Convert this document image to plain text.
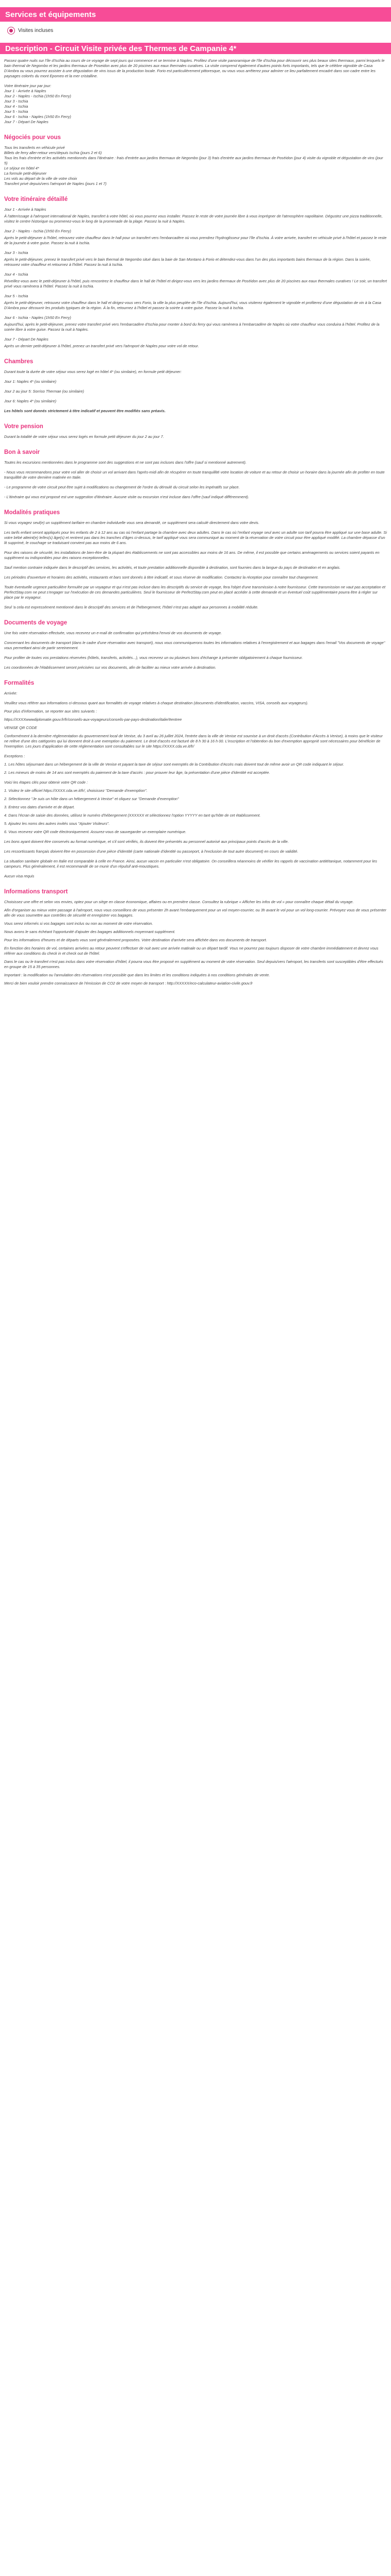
Services et équipements
Visites incluses
Description - Circuit Visite privée des Thermes de Campanie 4*

Passez quatre nuits sur l'île d'Ischia au cours de ce voyage de sept jours qui commence et se termine à Naples. Profitez d'une visite panoramique de l'île d'Ischia pour découvrir ses plus beaux sites thermaux, parmi lesquels le bain thermal de Negombo et les jardins thermaux de Poseidon avec plus de 20 piscines aux eaux thermales curatives. La visite comprend également d'autres points forts importants, tels que le célèbre vignoble de Casa D'Ambra ou vous pourrez assister à une dégustation de vins issus de la production locale. Forio est particulièrement pittoresque, ou vous vous arrêterez pour admirer ce lieu parfaitement encadré dans son cadre entre les paysages colorés du mont Epomeo et la mer cristalline.

Votre itinéraire jour par jour:
Jour 1 - Arrivée à Naples
Jour 2 - Naples - Ischia (1h50 En Ferry)
Jour 3 - Ischia
Jour 4 - Ischia
Jour 5 - Ischia
Jour 6 - Ischia - Naples (1h50 En Ferry)
Jour 7 - Départ De Naples
Négociés pour vous
Tous les transferts en véhicule privé
Billets de ferry aller-retour vers/depuis Ischia (jours 2 et 6)
Tous les frais d'entrée et les activités mentionnés dans l'itinéraire : frais d'entrée aux jardins thermaux de Negombo (jour 3) frais d'entrée aux jardins thermaux de Poséidon (jour 4) visite du vignoble et dégustation de vins (jour 5)
Le séjour en hôtel 4*
La formule petit-déjeuner
Les vols au départ de la ville de votre choix
Transfert privé depuis/vers l'aéroport de Naples (jours 1 et 7)
Votre itinéraire détaillé
Jour 1 - Arrivée à Naples

À l'atterrissage à l'aéroport international de Naples, transfert à votre hôtel, où vous pourrez vous installer. Passez le reste de votre journée libre à vous imprégner de l'atmosphère napolitaine. Dégustez une pizza traditionnelle, visitez le centre historique ou promenez-vous le long de la promenade de la plage. Passez la nuit à Naples.

Jour 2 - Naples - Ischia (1h50 En Ferry)

Après le petit-déjeuner à l'hôtel, retrouvez votre chauffeur dans le hall pour un transfert vers l'embarcadère où vous prendrez l'hydroglisseur pour l'île d'Ischia. À votre arrivée, transfert en véhicule privé à l'hôtel et passez le reste de la journée à votre guise. Passez la nuit à Ischia.

Jour 3 - Ischia

Après le petit-déjeuner, prenez le transfert privé vers le bain thermal de Negombo situé dans la baie de San Montano à Forio et détendez-vous dans l'un des plus importants bains thermaux de la région. Dans la soirée, retrouvez votre chauffeur et retournez à l'hôtel. Passez la nuit à Ischia.

Jour 4 - Ischia

Réveillez-vous avec le petit-déjeuner à l'hôtel, puis rencontrez le chauffeur dans le hall de l'hôtel et dirigez-vous vers les jardins thermaux de Poséidon avec plus de 20 piscines aux eaux thermales curatives ! Le soir, un transfert privé vous ramènera à l'hôtel. Passez la nuit à Ischia.

Jour 5 - Ischia

Après le petit-déjeuner, retrouvez votre chauffeur dans le hall et dirigez-vous vers Forio, la ville la plus peuplée de l'île d'Ischia. Aujourd'hui, vous visiterez également le vignoble et profiterez d'une dégustation de vin à la Casa D'Ambra pour découvrir les produits typiques de la région. À la fin, retournez à l'hôtel et passez la soirée à votre guise. Passez la nuit à Ischia.

Jour 6 - Ischia - Naples (1h50 En Ferry)

Aujourd'hui, après le petit-déjeuner, prenez votre transfert privé vers l'embarcadère d'Ischia pour monter à bord du ferry qui vous ramènera à l'embarcadère de Naples où votre chauffeur vous conduira à l'hôtel. Profitez de la soirée libre à votre guise. Passez la nuit à Naples.

Jour 7 - Départ De Naples

Après un dernier petit-déjeuner à l'hôtel, prenez un transfert privé vers l'aéroport de Naples pour votre vol de retour.

Chambres

Durant toute la durée de votre séjour vous serez logé en hôtel 4* (ou similaire), en formule petit déjeuner:

Jour 1: Naples 4* (ou similaire)

Jour 2 au jour 5: Sorriso Thermae (ou similaire)

Jour 6: Naples 4* (ou similaire)

Les hôtels sont donnés strictement à titre indicatif et peuvent être modifiés sans préavis.

Votre pension

Durant la totalité de votre séjour vous serez logés en formule petit déjeuner du jour 2 au jour 7.

Bon à savoir

Toutes les excursions mentionnées dans le programme sont des suggestions et ne sont pas incluses dans l'offre (sauf si mentionné autrement).

- Nous vous recommandons pour votre vol aller de choisir un vol arrivant dans l'après-midi afin de récupérer en toute tranquillité votre location de voiture et au retour de choisir un horaire dans la journée afin de profiter en toute tranquillité de votre dernière matinée en Italie.

- Le programme de votre circuit peut être sujet à modifications ou changement de l'ordre du déroulé du circuit selon les impératifs sur place.

- L'itinéraire qui vous est proposé est une suggestion d'itinéraire. Aucune visite ou excursion n'est incluse dans l'offre (sauf indiqué différemment).

Modalités pratiques

Si vous voyagez seul(e) un supplément tarifaire en chambre individuelle vous sera demandé, ce supplément sera calculé directement dans votre devis.

Les tarifs enfant seront appliqués pour les enfants de 2 à 12 ans au cas où l'enfant partage la chambre avec deux adultes. Dans le cas où l'enfant voyage seul avec un adulte son tarif pourra être appliqué sur une base adulte. Si votre bébé atteint(e) le/les(s) âge(s) et rentrent pas dans les tranches d'âges ci-dessus, le tarif appliqué vous sera communiqué au moment de la réservation de votre circuit pour être appliqué modifié. La chambre dépasse d'un lit supprimé, le couchage se traduisant convient pas aux moins de 6 ans.

Pour des raisons de sécurité, les installations de bien-être de la plupart des établissements ne sont pas accessibles aux moins de 16 ans. De même, il est possible que certains aménagements ou services soient payants en supplément ou indisponibles pour des raisons exceptionnelles.

Sauf mention contraire indiquée dans le descriptif des services, les activités, et toute prestation additionnelle disponible à destination, sont fournies dans la langue du pays de destination et en anglais.

Les périodes d'ouverture et horaires des activités, restaurants et bars sont donnés à titre indicatif, et sous réserve de modification. Contactez la réception pour connaître tout changement.

Toute éventuelle urgence particulière formulée par un voyageur et qui n'est pas incluse dans les descriptifs du service de voyage, fera l'objet d'une transmission à notre fournisseur. Cette transmission ne vaut pas acceptation et PerfectStay.com ne peut s'engager sur l'exécution de ces demandes particulières. Seul le fournisseur de PerfectStay.com peut en placé accéder à cette demande et un éventuel coût supplémentaire pourra être à régler sur place par le voyageur.

Seul 'a cela est expressément mentionné dans le descriptif des services et de l'hébergement, l'hôtel n'est pas adapté aux personnes à mobilité réduite.

Documents de voyage

Une fois votre réservation effectuée, vous recevrez un e-mail de confirmation qui précédera l'envoi de vos documents de voyage.

Concernant les documents de transport (dans le cadre d'une réservation avec transport), nous vous communiquerons toutes les informations relatives à l'enregistrement et aux bagages dans l'email "Vos documents de voyage" vous permettant ainsi de partir sereinement.

Pour profiter de toutes vos prestations réservées (hôtels, transferts, activités...), vous recevrez un ou plusieurs bons d'échange à présenter obligatoirement à chaque fournisseur.

Les coordonnées de l'établissement seront précisées sur vos documents, afin de faciliter au mieux votre arrivée à destination.

Formalités

Arrivée:

Veuillez vous référer aux informations ci-dessous quant aux formalités de voyage relatives à chaque destination (documents d'identification, vaccins, VISA, conseils aux voyageurs).

Pour plus d'information, se reporter aux sites suivants :

https://XXXXwwwdiplomatie.gouv.fr/fr/conseils-aux-voyageurs/conseils-par-pays-destination/italie/#entree

VENISE QR CODE

Conformément à la dernière réglementation du gouvernement local de Venise, du 3 avril au 26 juillet 2024, l'entrée dans la ville de Venise est soumise à un droit d'accès (Contribution d'Accès à Venise), à moins que le visiteur ne relève d'une des catégories qui lui donnent droit à une exemption du paiement. Le droit d'accès est facturé de 8 h 30 à 16 h 00. L'inscription et l'obtention du bon d'exemption approprié sont nécessaires pour bénéficier de l'exemption. Les jours d'application de cette réglementation sont consultables sur le site https://XXXX.cda.ve.it/fr/

Exceptions :

1. Les hôtes séjournant dans un hébergement de la ville de Venise et payant la taxe de séjour sont exemptés de la Contribution d'Accès mais doivent tout de même avoir un QR code indiquant le séjour.

2. Les mineurs de moins de 14 ans sont exemptés du paiement de la taxe d'accès : pour prouver leur âge, la présentation d'une pièce d'identité est acceptée.

Voici les étapes clés pour obtenir votre QR code :

1. Visitez le site officiel https://XXXX.cda.ve.it/fr/, choisissez "Demande d'exemption".

2. Sélectionnez "Je suis un hôte dans un hébergement à Venise" et cliquez sur "Demande d'exemption"

3. Entrez vos dates d'arrivée et de départ.

4. Dans l'écran de saisie des données, utilisez le numéro d'hébergement (XXXXXX et sélectionnez l'option YYYYY en tant qu'hôte de cet établissement.

5. Ajoutez les noms des autres invités sous "Ajouter Visiteurs".

6. Vous recevrez votre QR code électroniquement. Assurez-vous de sauvegarder un exemplaire numérique.

Les bons ayant doivent être conservés au format numérique, et s'il sont vérifiés, ils doivent être présentés au personnel autorisé aux principaux points d'accès de la ville.

Les ressortissants français doivent être en possession d'une pièce d'identité (carte nationale d'identité ou passeport, à l'exclusion de tout autre document) en cours de validité.

La situation sanitaire globale en Italie est comparable à celle en France. Ainsi, aucun vaccin en particulier n'est obligatoire. On conseillera néanmoins de vérifier les rappels de vaccination antitétanique, notamment pour les campeurs. Plus généralement, il est recommandé de se munir d'un répulsif anti-moustiques.

Aucun visa requis

Informations transport

Choisissez une offre et selon vos envies, optez pour un siège en classe économique, affaires ou en première classe. Consultez la rubrique « Afficher les infos de vol » pour connaître chaque détail du voyage.

Afin d'organiser au mieux votre passage à l'aéroport, nous vous conseillons de vous présenter 2h avant l'embarquement pour un vol moyen-courrier, ou 3h avant le vol pour un vol long-courrier. Prévoyez vous de vous présenter afin de vous soumettre aux contrôles de sécurité et enregistrer vos bagages.

Vous serez informés si vos bagages sont inclus ou non au moment de votre réservation.

Nous avons le sans échéant l'opportunité d'ajouter des bagages additionnels moyennant supplément.

Pour les informations d'heures et de départs vous sont généralement proposées. Votre destination d'arrivée sera affichée dans vos documents de transport.

En fonction des horaires de vol, certaines arrivées au retour peuvent s'effectuer de nuit avec une arrivée matinale ou un départ tardif. Vous ne pourrez pas toujours disposer de votre chambre immédiatement et devrez vous référer aux conditions du check in et check out de l'hôtel.

Dans le cas ou le transfert n'est pas inclus dans votre réservation d'hôtel, il pourra vous être proposé en supplément au moment de votre réservation. Seul depuis/vers l'aéroport, les transferts sont susceptibles d'être effectués en groupe de 15 à 35 personnes.

Important : la modification ou l'annulation des réservations n'est possible que dans les limites et les conditions indiquées à nos conditions générales de vente.

Merci de bien vouloir prendre connaissance de l'émission de CO2 de votre moyen de transport : http://XXXXX/eco-calculateur-aviation-civile.gouv.fr
